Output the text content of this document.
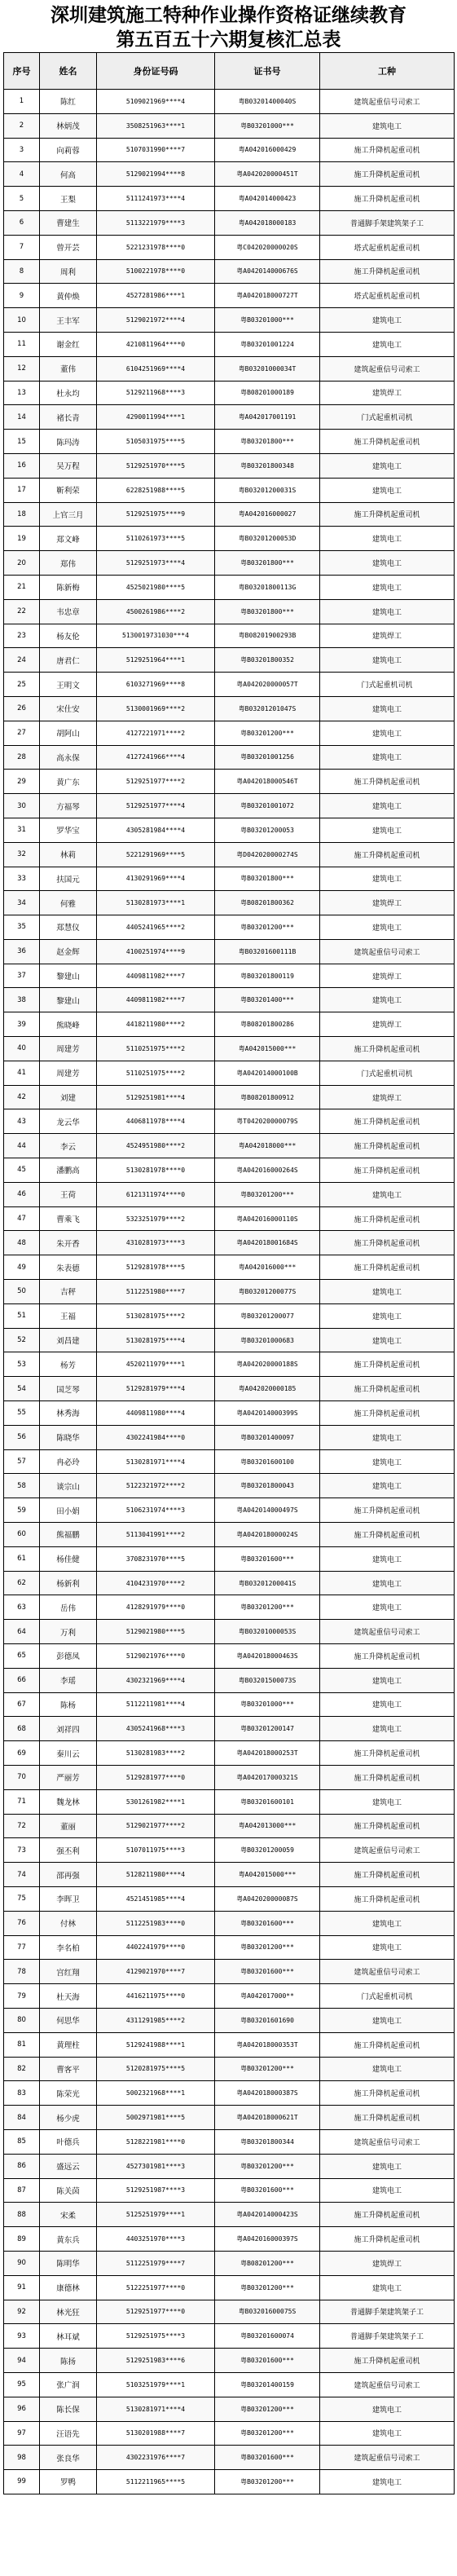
深圳建筑施工特种作业操作资格证继续教育
第五百五十六期复核汇总表
序号	姓名	身份证号码	证书号	工种
1	陈红	5109021969****4	粤B03201400040S	建筑起重信号司索工
2	林炳茂	3508251963****1	粤B03201000***	建筑电工
3	向莉蓉	5107031990****7	粤A042016000429	施工升降机起重司机
4	何高	5129021994****8	粤A042020000451T	施工升降机起重司机
5	王梨	5111241973****4	粤A042014000423	施工升降机起重司机
6	曹建生	5113221979****3	粤A042018000183	普通脚手架建筑架子工
7	曾开芸	5221231978****0	粤C042020000020S	塔式起重机起重司机
8	周利	5100221978****0	粤A042014000676S	施工升降机起重司机
9	黄仲焕	4527281986****1	粤A042018000727T	塔式起重机起重司机
10	王丰军	5129021972****4	粤B03201000***	建筑电工
11	谢金红	4210811964****0	粤B03201001224	建筑电工
12	董伟	6104251969****4	粤B03201000034T	建筑起重信号司索工
13	杜永均	5129211968****3	粤B08201000189	建筑焊工
14	褚长青	4290011994****1	粤A042017001191	门式起重机司机
15	陈玛涛	5105031975****5	粤B03201800***	施工升降机起重司机
16	吴万程	5129251970****5	粤B03201800348	建筑电工
17	靳利荣	6228251988****5	粤B03201200031S	建筑电工
18	上官三月	5129251975****9	粤A042016000027	施工升降机起重司机
19	郑文峰	5110261973****5	粤B03201200053D	建筑电工
20	郑伟	5129251973****4	粤B03201800***	建筑电工
21	陈新梅	4525021980****5	粤B03201800113G	建筑电工
22	韦忠章	4500261986****2	粤B03201800***	建筑电工
23	杨友伦	5130019731030***4	粤B08201900293B	建筑焊工
24	唐君仁	5129251964****1	粤B03201800352	建筑电工
25	王明文	6103271969****8	粤A042020000057T	门式起重机司机
26	宋仕安	5130001969****2	粤B03201201047S	建筑电工
27	胡阿山	4127221971****2	粤B03201200***	建筑电工
28	高永保	4127241966****4	粤B03201001256	建筑电工
29	黄广东	5129251977****2	粤A042018000546T	施工升降机起重司机
30	方福琴	5129251977****4	粤B03201001072	建筑电工
31	罗华宝	4305281984****4	粤B03201200053	建筑电工
32	林莉	5221291969****5	粤D042020000274S	施工升降机起重司机
33	扶国元	4130291969****4	粤B03201800***	建筑电工
34	何雅	5130281973****1	粤B08201800362	建筑焊工
35	郑慧仪	4405241965****2	粤B03201200***	建筑电工
36	赵金辉	4100251974****9	粤B03201600111B	建筑起重信号司索工
37	黎建山	4409811982****7	粤B03201800119	建筑焊工
38	黎建山	4409811982****7	粤B03201400***	建筑电工
39	熊晓峰	4418211980****2	粤B08201800286	建筑焊工
40	周建芳	5110251975****2	粤A042015000***	施工升降机起重司机
41	周建芳	5110251975****2	粤A042014000100B	门式起重机司机
42	刘建	5129251981****4	粤B08201800912	建筑焊工
43	龙云华	4406811978****4	粤T042020000079S	施工升降机起重司机
44	李云	4524951980****2	粤A042018000***	施工升降机起重司机
45	潘鹏高	5130281978****0	粤A042016000264S	施工升降机起重司机
46	王荷	6121311974****0	粤B03201200***	建筑电工
47	曹乘飞	5323251979****2	粤A042016000110S	施工升降机起重司机
48	朱开香	4310281973****3	粤A042018001684S	施工升降机起重司机
49	朱表德	5129281978****5	粤A042016000***	施工升降机起重司机
50	吉秤	5112251980****7	粤B03201200077S	建筑电工
51	王福	5130281975****2	粤B03201200077	建筑电工
52	刘昌建	5130281975****4	粤B03201000683	建筑电工
53	杨芳	4520211979****1	粤A042020000188S	施工升降机起重司机
54	国芝琴	5129281979****4	粤A042020000185	施工升降机起重司机
55	林秀海	4409811980****4	粤A042014000399S	施工升降机起重司机
56	陈晓华	4302241984****0	粤B03201400097	建筑电工
57	冉必玲	5130281971****4	粤B03201600100	建筑电工
58	谈宗山	5122321972****2	粤B03201800043	建筑电工
59	田小娟	5106231974****3	粤A042014000497S	施工升降机起重司机
60	熊福鹏	5113041991****2	粤A042018000024S	施工升降机起重司机
61	杨佳健	3708231970****5	粤B03201600***	建筑电工
62	杨新利	4104231970****2	粤B03201200041S	建筑电工
63	岳伟	4128291979****0	粤B03201200***	建筑电工
64	万利	5129021980****5	粤B03201000053S	建筑起重信号司索工
65	彭德凤	5129021976****0	粤A042018000463S	施工升降机起重司机
66	李瑶	4302321969****4	粤B03201500073S	建筑电工
67	陈杨	5112211981****4	粤B03201000***	建筑电工
68	刘祥四	4305241968****3	粤B03201200147	建筑电工
69	秦川云	5130281983****2	粤A042018000253T	施工升降机起重司机
70	严丽芳	5129281977****0	粤A042017000321S	施工升降机起重司机
71	魏龙林	5301261982****1	粤B03201600101	建筑电工
72	董丽	5129021977****2	粤A042013000***	施工升降机起重司机
73	强丕利	5107011975****3	粤B03201200059	建筑起重信号司索工
74	邵再强	5128211980****4	粤A042015000***	施工升降机起重司机
75	李晖卫	4521451985****4	粤A042020000087S	施工升降机起重司机
76	付林	5112251983****0	粤B03201600***	建筑电工
77	李名柏	4402241979****0	粤B03201200***	建筑电工
78	宫红翔	4129021970****7	粤B03201600***	建筑起重信号司索工
79	杜天海	4416211975****0	粤A042017000**	门式起重机司机
80	何思华	4311291985****2	粤B03201601690	建筑电工
81	黄理柱	5129241988****1	粤A042018000353T	施工升降机起重司机
82	曹客平	5120281975****5	粤B03201200***	建筑电工
83	陈荣光	5002321968****1	粤A042018000387S	施工升降机起重司机
84	杨少虎	5002971981****5	粤A042018000621T	施工升降机起重司机
85	叶德兵	5128221981****0	粤B03201800344	建筑起重信号司索工
86	盛远云	4527301981****3	粤B03201200***	建筑电工
87	陈关茵	5129251987****3	粤B03201600***	建筑电工
88	宋柔	5125251979****1	粤A042014000423S	施工升降机起重司机
89	黄东兵	4403251970****3	粤A042016000397S	施工升降机起重司机
90	陈明华	5112251979****7	粤B08201200***	建筑焊工
91	康德林	5122251977****0	粤B03201200***	建筑电工
92	林光狂	5129251977****0	粤B03201600075S	普通脚手架建筑架子工
93	林耳斌	5129251975****3	粤B03201600074	普通脚手架建筑架子工
94	陈扬	5129251983****6	粤B03201600***	施工升降机起重司机
95	张广润	5103251979****1	粤B03201400159	建筑起重信号司索工
96	陈长保	5130281971****4	粤B03201200***	建筑电工
97	汪语先	5130201988****7	粤B03201200***	建筑电工
98	张良华	4302231976****7	粤B03201600***	建筑起重信号司索工
99	罗鸭	5112211965****5	粤B03201200***	建筑电工
